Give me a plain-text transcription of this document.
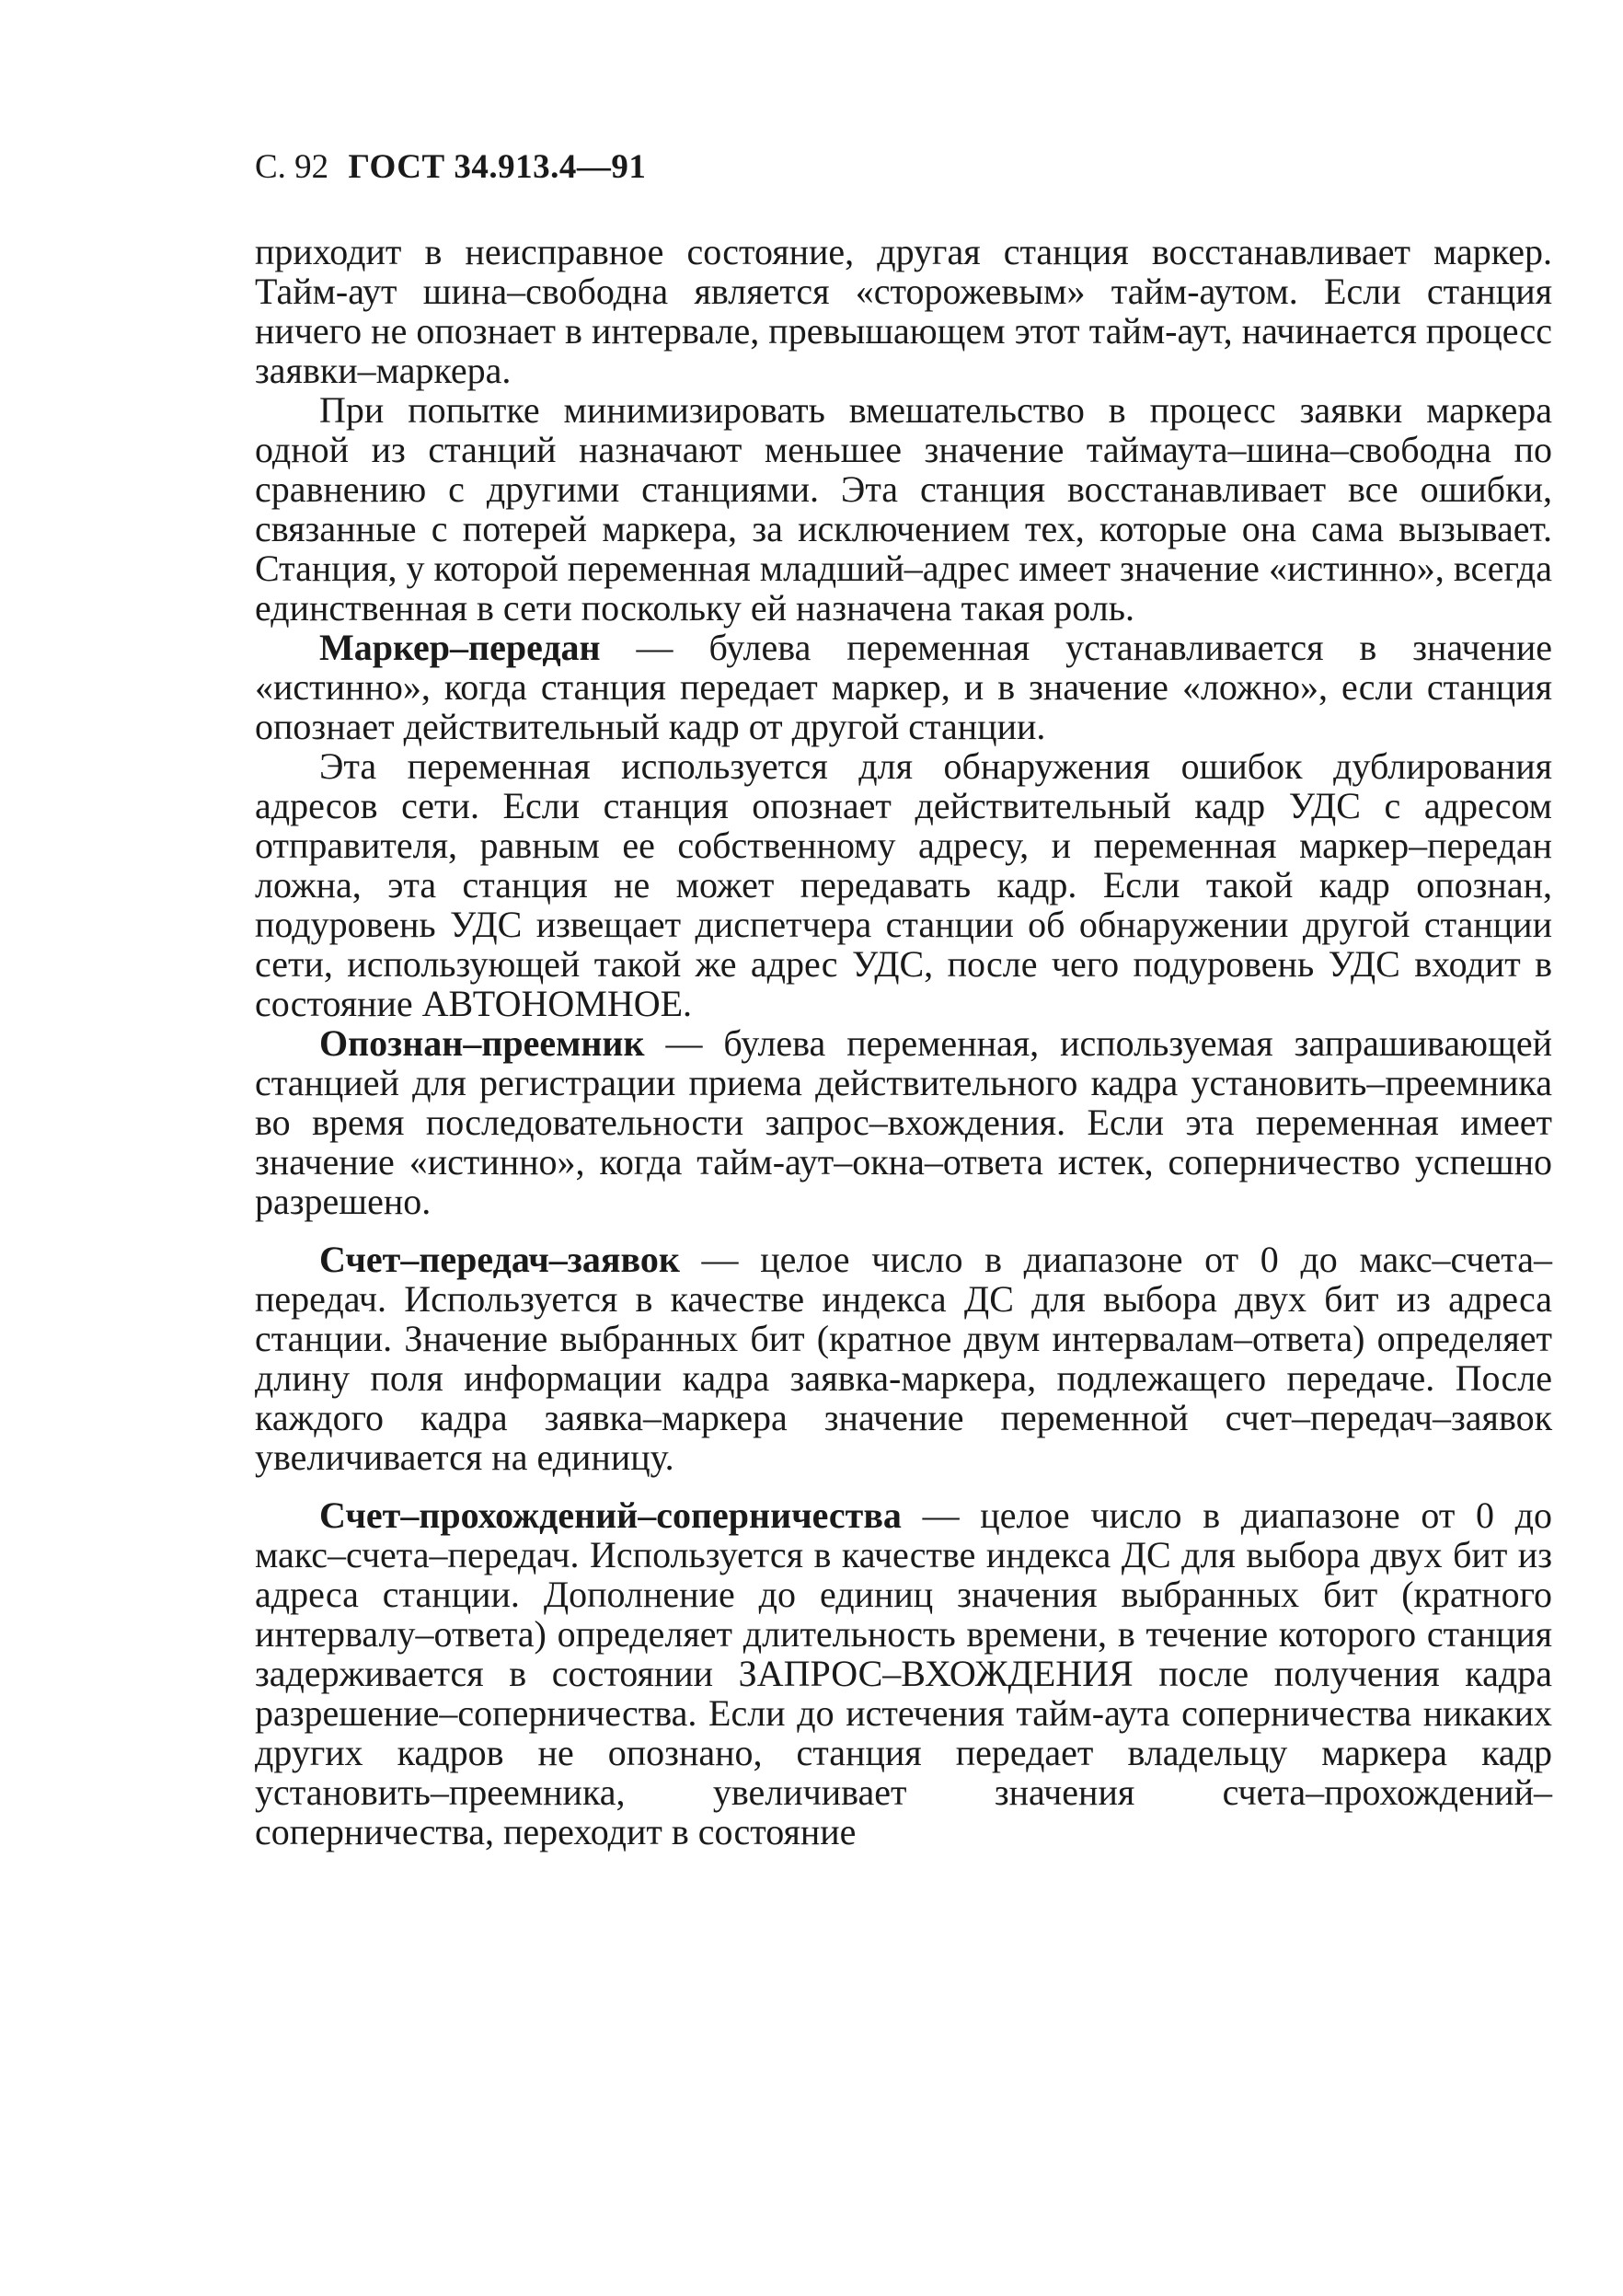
С. 92 ГОСТ 34.913.4—91

приходит в неисправное состояние, другая станция восстанавливает маркер. Тайм-аут шина–свободна является «сторожевым» тайм-аутом. Если станция ничего не опознает в интервале, превышающем этот тайм-аут, начинается процесс заявки–маркера.

При попытке минимизировать вмешательство в процесс заявки маркера одной из станций назначают меньшее значение таймаута–шина–свободна по сравнению с другими станциями. Эта станция восстанавливает все ошибки, связанные с потерей маркера, за исключением тех, которые она сама вызывает. Станция, у которой переменная младший–адрес имеет значение «истинно», всегда единственная в сети поскольку ей назначена такая роль.

Маркер–передан — булева переменная устанавливается в значение «истинно», когда станция передает маркер, и в значение «ложно», если станция опознает действительный кадр от другой станции.

Эта переменная используется для обнаружения ошибок дублирования адресов сети. Если станция опознает действительный кадр УДС с адресом отправителя, равным ее собственному адресу, и переменная маркер–передан ложна, эта станция не может передавать кадр. Если такой кадр опознан, подуровень УДС извещает диспетчера станции об обнаружении другой станции сети, использующей такой же адрес УДС, после чего подуровень УДС входит в состояние АВТОНОМНОЕ.

Опознан–преемник — булева переменная, используемая запрашивающей станцией для регистрации приема действительного кадра установить–преемника во время последовательности запрос–вхождения. Если эта переменная имеет значение «истинно», когда тайм-аут–окна–ответа истек, соперничество успешно разрешено.

Счет–передач–заявок — целое число в диапазоне от 0 до макс–счета–передач. Используется в качестве индекса ДС для выбора двух бит из адреса станции. Значение выбранных бит (кратное двум интервалам–ответа) определяет длину поля информации кадра заявка-маркера, подлежащего передаче. После каждого кадра заявка–маркера значение переменной счет–передач–заявок увеличивается на единицу.

Счет–прохождений–соперничества — целое число в диапазоне от 0 до макс–счета–передач. Используется в качестве индекса ДС для выбора двух бит из адреса станции. Дополнение до единиц значения выбранных бит (кратного интервалу–ответа) определяет длительность времени, в течение которого станция задерживается в состоянии ЗАПРОС–ВХОЖДЕНИЯ после получения кадра разрешение–соперничества. Если до истечения тайм-аута соперничества никаких других кадров не опознано, станция передает владельцу маркера кадр установить–преемника, увеличивает значения счета–прохождений–соперничества, переходит в состояние
